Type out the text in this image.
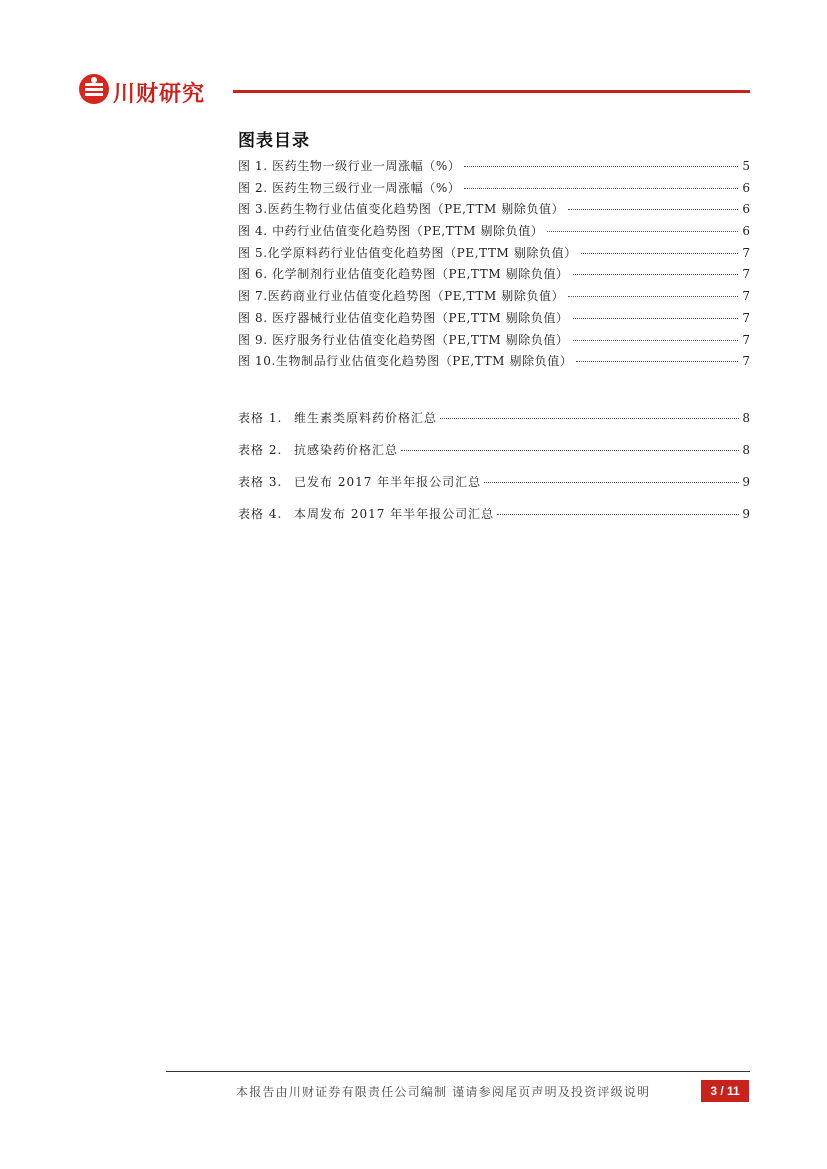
川财研究
图表目录
图 1. 医药生物一级行业一周涨幅（%）	5
图 2. 医药生物三级行业一周涨幅（%）	6
图 3.医药生物行业估值变化趋势图（PE,TTM 剔除负值）	6
图 4. 中药行业估值变化趋势图（PE,TTM 剔除负值）	6
图 5.化学原料药行业估值变化趋势图（PE,TTM 剔除负值）	7
图 6. 化学制剂行业估值变化趋势图（PE,TTM 剔除负值）	7
图 7.医药商业行业估值变化趋势图（PE,TTM 剔除负值）	7
图 8. 医疗器械行业估值变化趋势图（PE,TTM 剔除负值）	7
图 9. 医疗服务行业估值变化趋势图（PE,TTM 剔除负值）	7
图 10.生物制品行业估值变化趋势图（PE,TTM 剔除负值）	7
表格 1. 维生素类原料药价格汇总	8
表格 2. 抗感染药价格汇总	8
表格 3. 已发布 2017 年半年报公司汇总	9
表格 4. 本周发布 2017 年半年报公司汇总	9
本报告由川财证券有限责任公司编制 谨请参阅尾页声明及投资评级说明	3 / 11
